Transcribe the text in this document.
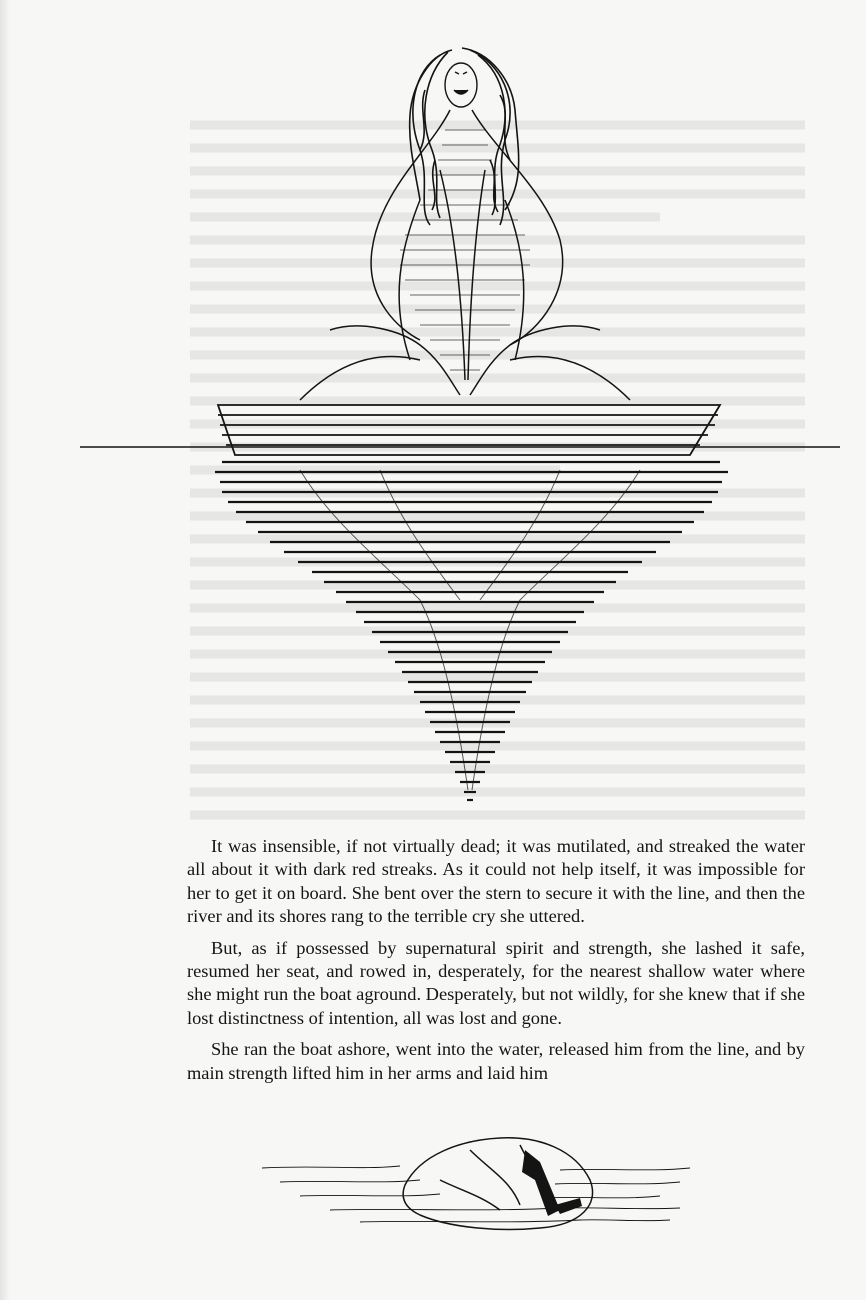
It was insensible, if not virtually dead; it was mutilated, and streaked the water all about it with dark red streaks. As it could not help itself, it was impossible for her to get it on board. She bent over the stern to secure it with the line, and then the river and its shores rang to the terrible cry she uttered.

But, as if possessed by supernatural spirit and strength, she lashed it safe, resumed her seat, and rowed in, desperately, for the nearest shallow water where she might run the boat aground. Desperately, but not wildly, for she knew that if she lost distinctness of intention, all was lost and gone.

She ran the boat ashore, went into the water, released him from the line, and by main strength lifted him in her arms and laid him
